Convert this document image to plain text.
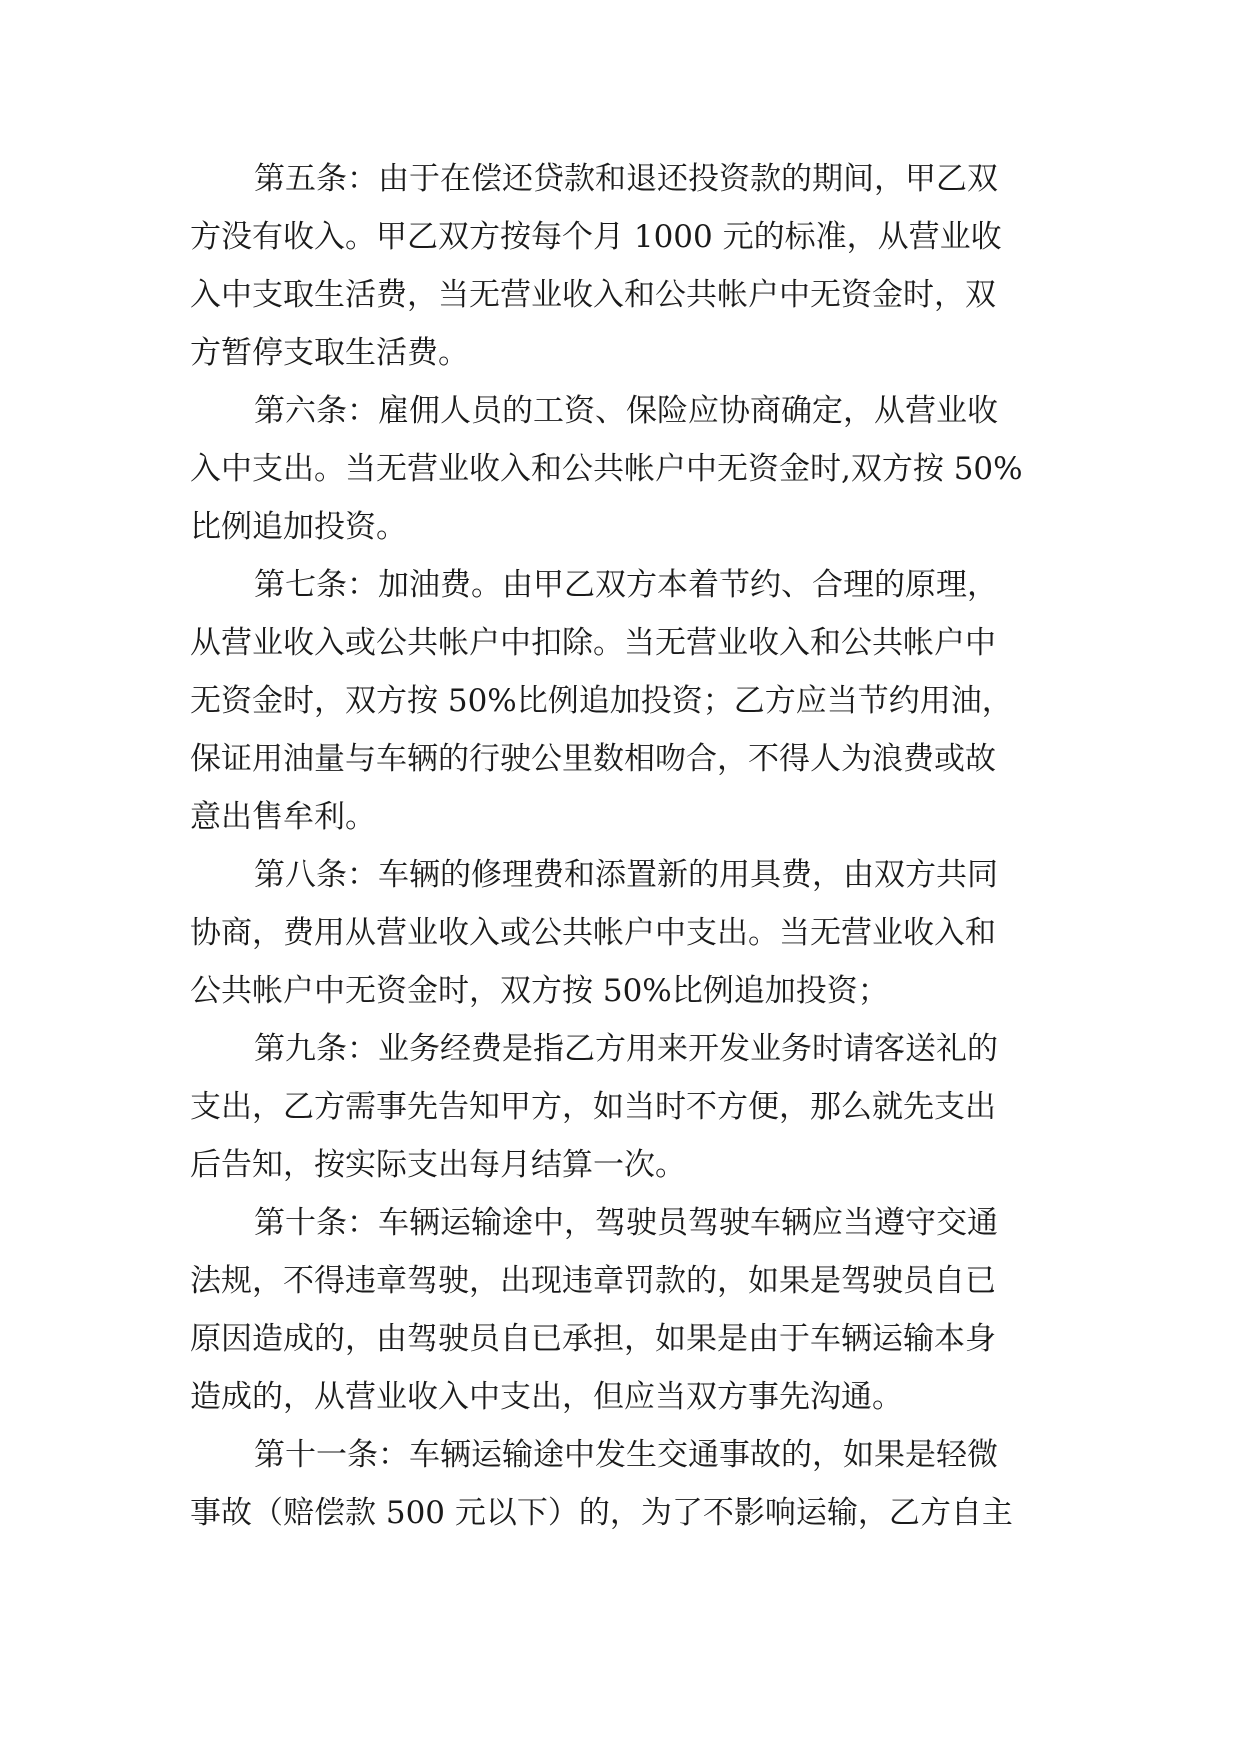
第五条：由于在偿还贷款和退还投资款的期间，甲乙双
方没有收入。甲乙双方按每个月 1000 元的标准，从营业收
入中支取生活费，当无营业收入和公共帐户中无资金时，双
方暂停支取生活费。
第六条：雇佣人员的工资、保险应协商确定，从营业收
入中支出。当无营业收入和公共帐户中无资金时,双方按 50%
比例追加投资。
第七条：加油费。由甲乙双方本着节约、合理的原理，
从营业收入或公共帐户中扣除。当无营业收入和公共帐户中
无资金时，双方按 50%比例追加投资；乙方应当节约用油，
保证用油量与车辆的行驶公里数相吻合，不得人为浪费或故
意出售牟利。
第八条：车辆的修理费和添置新的用具费，由双方共同
协商，费用从营业收入或公共帐户中支出。当无营业收入和
公共帐户中无资金时，双方按 50%比例追加投资；
第九条：业务经费是指乙方用来开发业务时请客送礼的
支出，乙方需事先告知甲方，如当时不方便，那么就先支出
后告知，按实际支出每月结算一次。
第十条：车辆运输途中，驾驶员驾驶车辆应当遵守交通
法规，不得违章驾驶，出现违章罚款的，如果是驾驶员自已
原因造成的，由驾驶员自已承担，如果是由于车辆运输本身
造成的，从营业收入中支出，但应当双方事先沟通。
第十一条：车辆运输途中发生交通事故的，如果是轻微
事故（赔偿款 500 元以下）的，为了不影响运输，乙方自主
